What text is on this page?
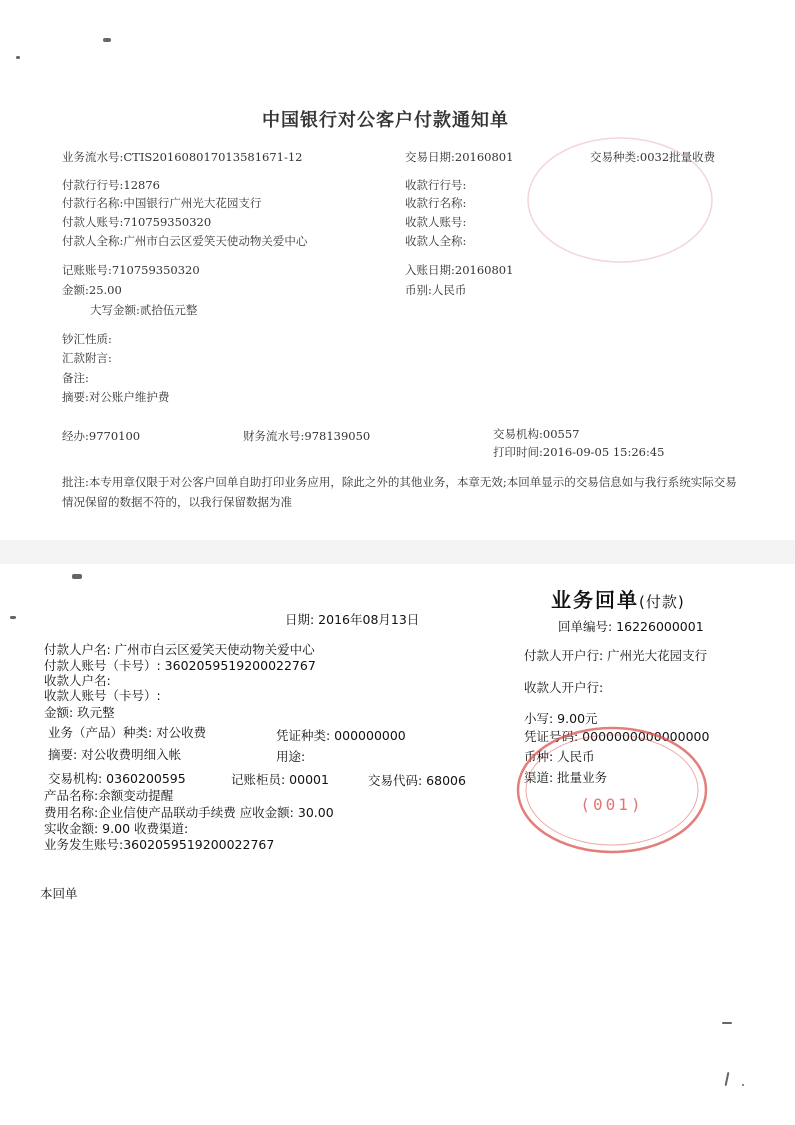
中国银行对公客户付款通知单
业务流水号:CTIS201608017013581671-12	交易日期:20160801	交易种类:0032批量收费
付款行行号:12876
付款行名称:中国银行广州光大花园支行
付款人账号:710759350320
付款人全称:广州市白云区爱笑天使动物关爱中心
收款行行号:
收款行名称:
收款人账号:
收款人全称:
记账账号:710759350320
金额:25.00
大写金额:贰拾伍元整
入账日期:20160801
币别:人民币
钞汇性质:
汇款附言:
备注:
摘要:对公账户维护费
经办:9770100	财务流水号:978139050	交易机构:00557
打印时间:2016-09-05 15:26:45
批注:本专用章仅限于对公客户回单自助打印业务应用，除此之外的其他业务，本章无效;本回单显示的交易信息如与我行系统实际交易情况保留的数据不符的，以我行保留数据为准
业务回单(付款)
日期: 2016年08月13日	回单编号: 16226000001
付款人户名: 广州市白云区爱笑天使动物关爱中心
付款人账号（卡号）: 3602059519200022767
收款人户名:
收款人账号（卡号）:
金额: 玖元整
付款人开户行: 广州光大花园支行
收款人开户行:
小写: 9.00元
业务（产品）种类: 对公收费	凭证种类: 000000000	凭证号码: 0000000000000000
摘要: 对公收费明细入帐	用途:	币种: 人民币
交易机构: 0360200595	记账柜员: 00001	交易代码: 68006	渠道: 批量业务
产品名称:余额变动提醒
费用名称:企业信使产品联动手续费 应收金额: 30.00
实收金额: 9.00 收费渠道:
业务发生账号:3602059519200022767
本回单
(001)
